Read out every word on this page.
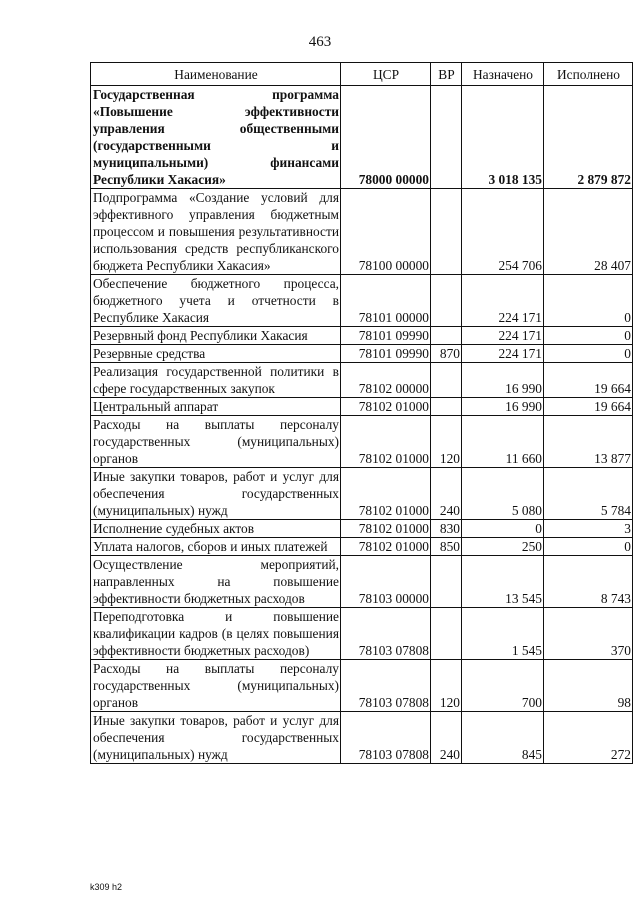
463
Наименование	ЦСР	ВР	Назначено	Исполнено
Государственная программа «Повышение эффективности управления общественными (государственными и муниципальными) финансами Республики Хакасия»	78000 00000		3 018 135	2 879 872
Подпрограмма «Создание условий для эффективного управления бюджетным процессом и повышения результативности использования средств республиканского бюджета Республики Хакасия»	78100 00000		254 706	28 407
Обеспечение бюджетного процесса, бюджетного учета и отчетности в Республике Хакасия	78101 00000		224 171	0
Резервный фонд Республики Хакасия	78101 09990		224 171	0
Резервные средства	78101 09990	870	224 171	0
Реализация государственной политики в сфере государственных закупок	78102 00000		16 990	19 664
Центральный аппарат	78102 01000		16 990	19 664
Расходы на выплаты персоналу государственных (муниципальных) органов	78102 01000	120	11 660	13 877
Иные закупки товаров, работ и услуг для обеспечения государственных (муниципальных) нужд	78102 01000	240	5 080	5 784
Исполнение судебных актов	78102 01000	830	0	3
Уплата налогов, сборов и иных платежей	78102 01000	850	250	0
Осуществление мероприятий, направленных на повышение эффективности бюджетных расходов	78103 00000		13 545	8 743
Переподготовка и повышение квалификации кадров (в целях повышения эффективности бюджетных расходов)	78103 07808		1 545	370
Расходы на выплаты персоналу государственных (муниципальных) органов	78103 07808	120	700	98
Иные закупки товаров, работ и услуг для обеспечения государственных (муниципальных) нужд	78103 07808	240	845	272
k309 h2
